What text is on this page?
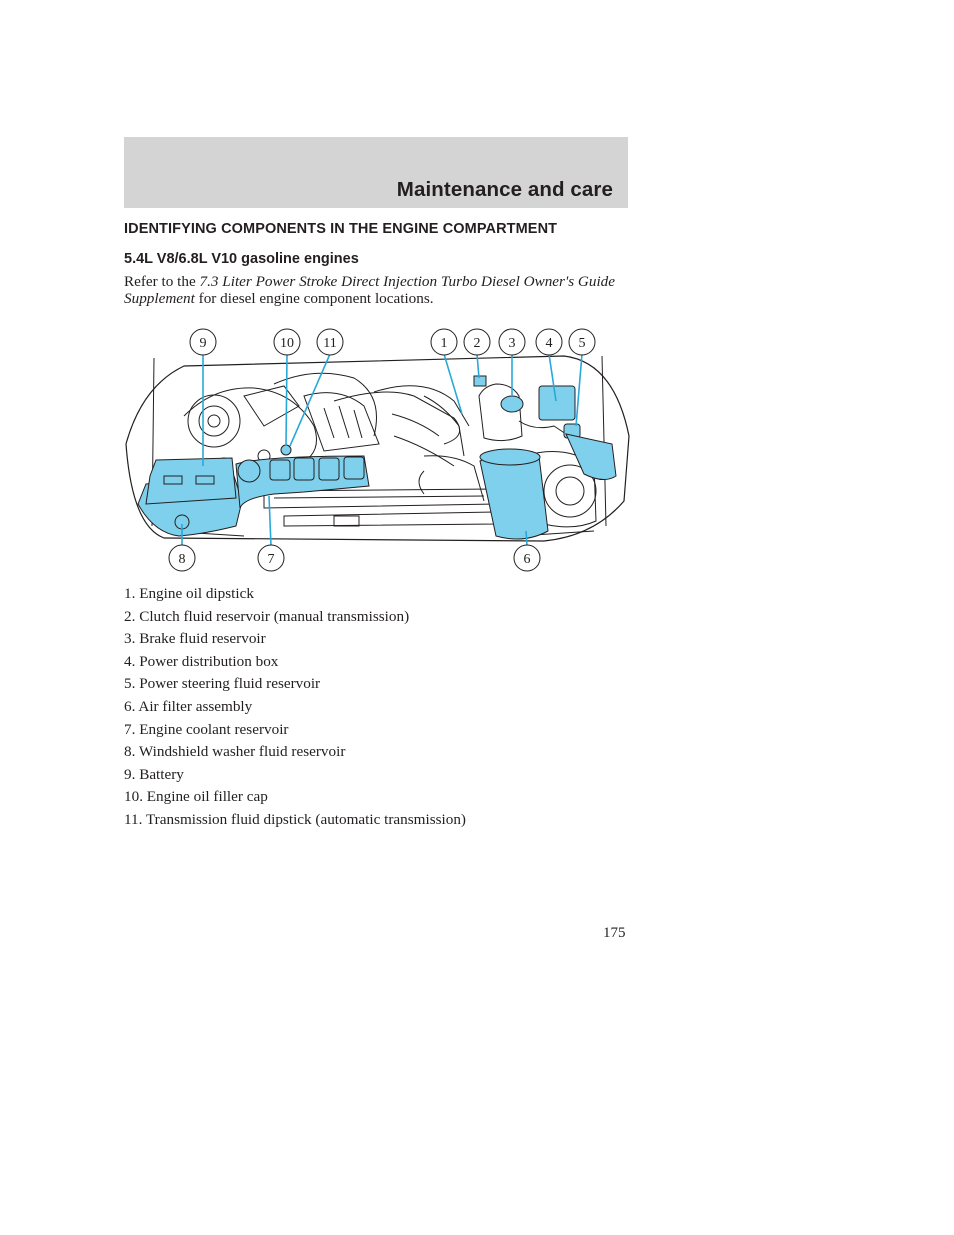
Maintenance and care
IDENTIFYING COMPONENTS IN THE ENGINE COMPARTMENT
5.4L V8/6.8L V10 gasoline engines

Refer to the 7.3 Liter Power Stroke Direct Injection Turbo Diesel Owner's Guide Supplement for diesel engine component locations.

9	10 11	1 2 3 4 5
8	7	6
1. Engine oil dipstick
2. Clutch fluid reservoir (manual transmission)
3. Brake fluid reservoir
4. Power distribution box
5. Power steering fluid reservoir
6. Air filter assembly
7. Engine coolant reservoir
8. Windshield washer fluid reservoir
9. Battery
10. Engine oil filler cap
11. Transmission fluid dipstick (automatic transmission)

175
